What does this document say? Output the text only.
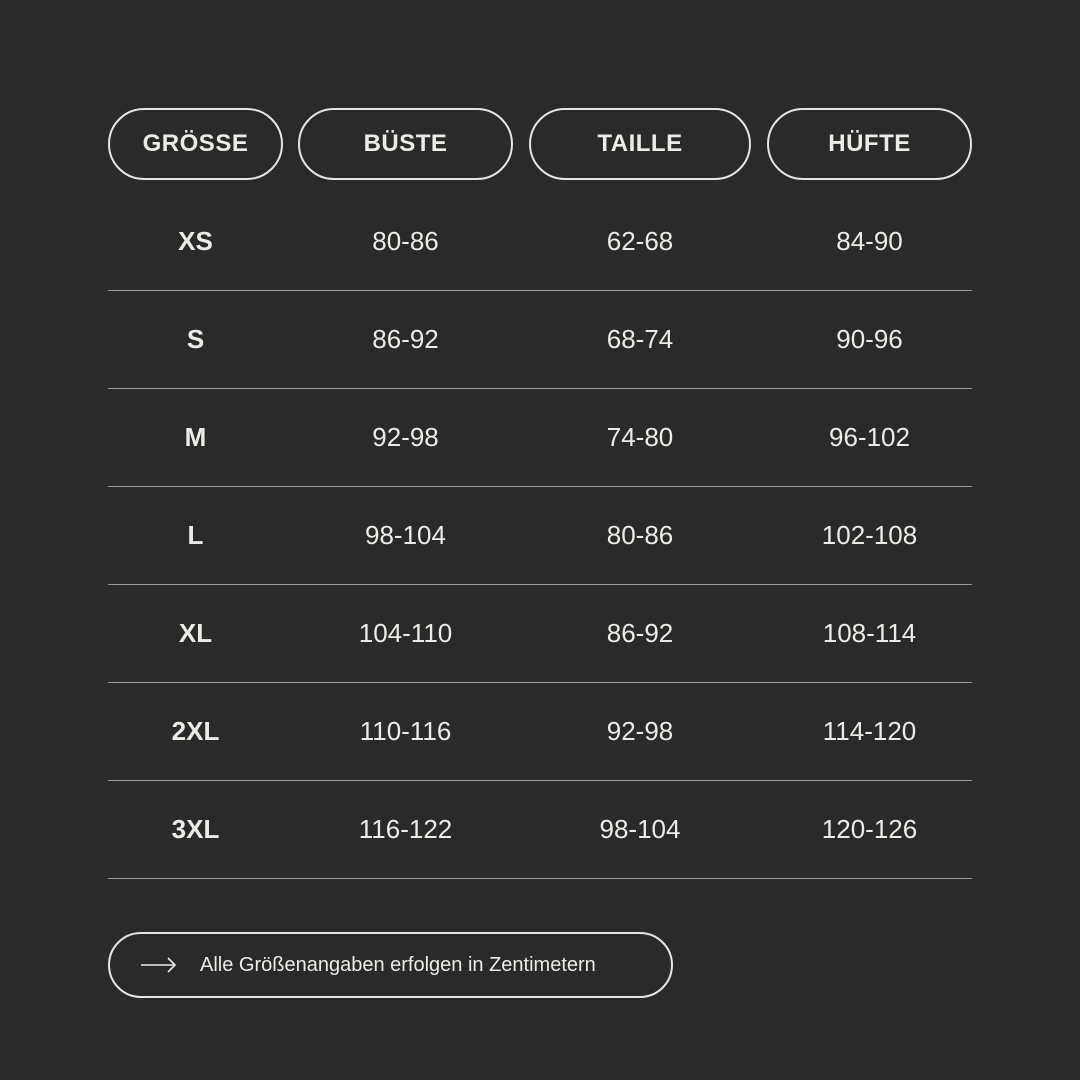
GRÖSSE	BÜSTE	TAILLE	HÜFTE
XS	80-86	62-68	84-90
S	86-92	68-74	90-96
M	92-98	74-80	96-102
L	98-104	80-86	102-108
XL	104-110	86-92	108-114
2XL	110-116	92-98	114-120
3XL	116-122	98-104	120-126
Alle Größenangaben erfolgen in Zentimetern
